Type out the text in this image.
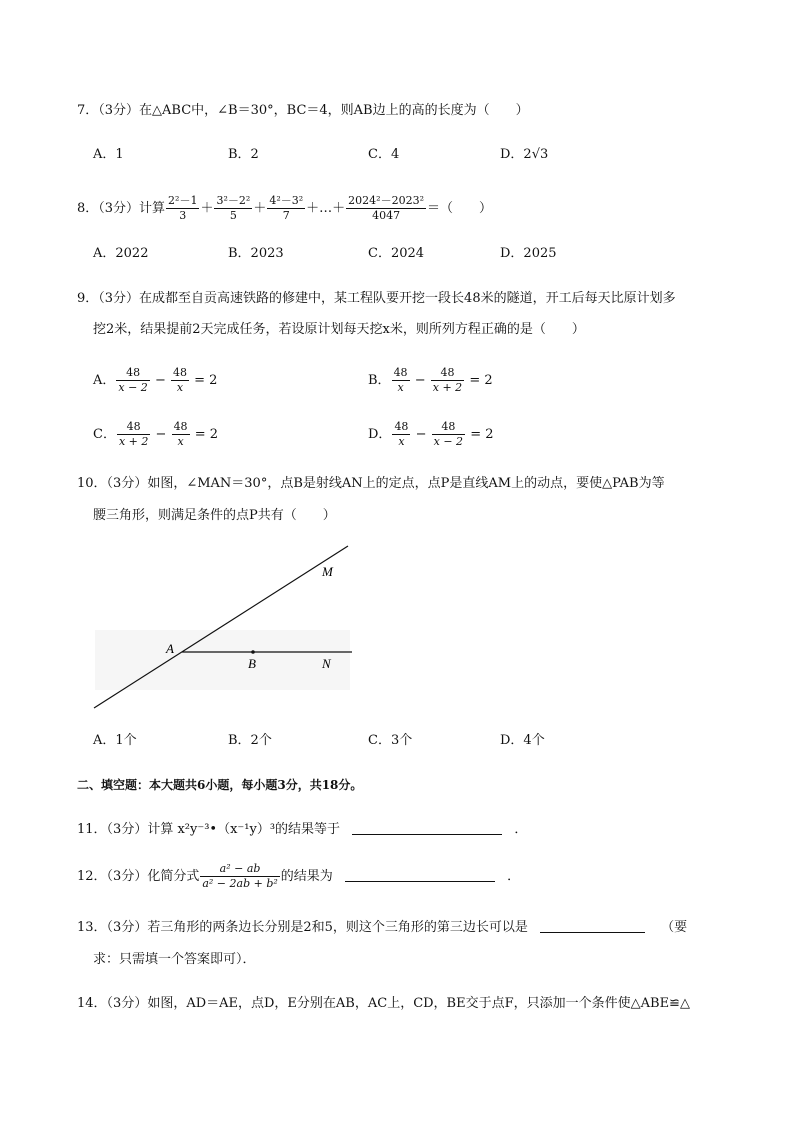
7．（3分）在△ABC中，∠B＝30°，BC＝4，则AB边上的高的长度为（　　）
A．1	B．2	C．4	D．2√3
8．（3分）计算 $\frac{\text{2²－1}}{3} + \frac{\text{3²－2²}}{5} + \frac{\text{4²－3²}}{7}$ ＋…＋ $\frac{\text{2024²－2023²}}{4047}$ ＝（　　）
A．2022	B．2023	C．2024	D．2025
9．（3分）在成都至自贡高速铁路的修建中，某工程队要开挖一段长48米的隧道，开工后每天比原计划多
挖2米，结果提前2天完成任务，若设原计划每天挖x米，则所列方程正确的是（　　）
A． $\frac{48}{x - 2} - \frac{48}{x} = 2$	B． $\frac{48}{x} - \frac{48}{x + 2} = 2$
C． $\frac{48}{x + 2} - \frac{48}{x} = 2$	D． $\frac{48}{x} - \frac{48}{x - 2} = 2$
10．（3分）如图，∠MAN＝30°，点B是射线AN上的定点，点P是直线AM上的动点，要使△PAB为等
腰三角形，则满足条件的点P共有（　　）
A
B
M
N
A．1个	B．2个	C．3个	D．4个
二、填空题：本大题共6小题，每小题3分，共18分。
11．（3分）计算 x²y⁻³•（x⁻¹y）³的结果等于	．
12．（3分）化简分式 $\frac{\text{a² − ab}}{\text{a² − 2ab + b²}}$ 的结果为	．
13．（3分）若三角形的两条边长分别是2和5，则这个三角形的第三边长可以是	（要
求：只需填一个答案即可）．
14．（3分）如图，AD＝AE，点D，E分别在AB，AC上，CD，BE交于点F，只添加一个条件使△ABE≌△
